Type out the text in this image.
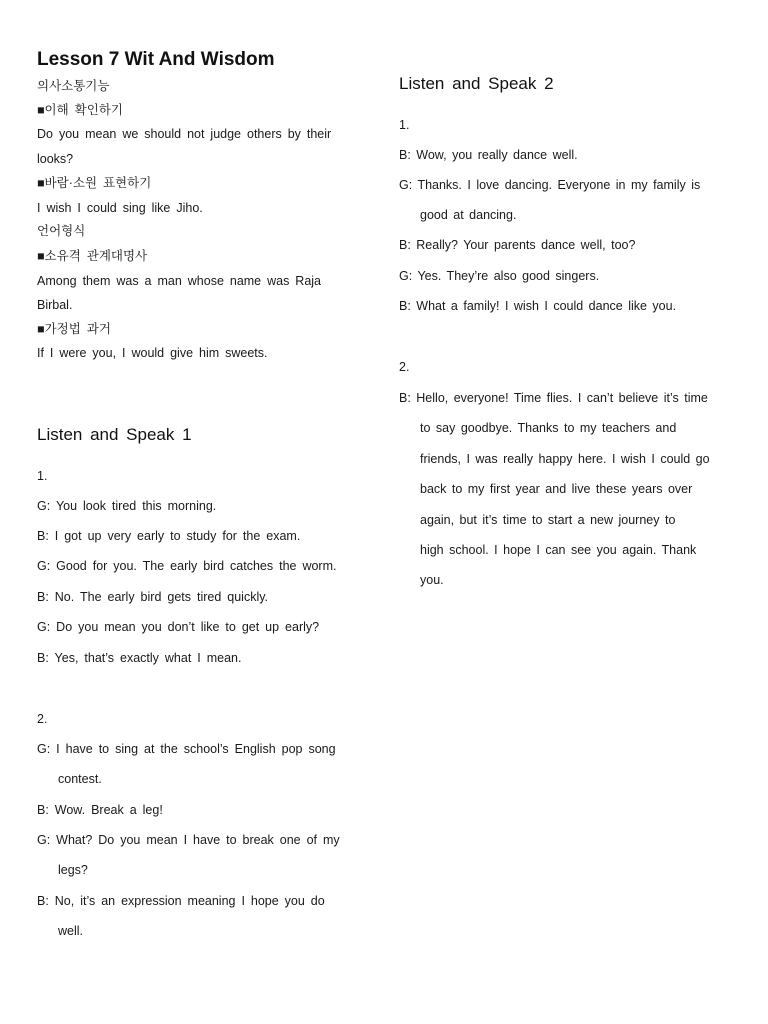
Lesson 7 Wit And Wisdom
의사소통기능
■이해 확인하기
Do you mean we should not judge others by their
looks?
■바람·소원 표현하기
I wish I could sing like Jiho.
언어형식
■소유격 관계대명사
Among them was a man whose name was Raja
Birbal.
■가정법 과거
If I were you, I would give him sweets.
Listen and Speak 1
1.
G: You look tired this morning.
B: I got up very early to study for the exam.
G: Good for you. The early bird catches the worm.
B: No. The early bird gets tired quickly.
G: Do you mean you don’t like to get up early?
B: Yes, that’s exactly what I mean.
2.
G: I have to sing at the school’s English pop song
contest.
B: Wow. Break a leg!
G: What? Do you mean I have to break one of my
legs?
B: No, it’s an expression meaning I hope you do
well.
Listen and Speak 2
1.
B: Wow, you really dance well.
G: Thanks. I love dancing. Everyone in my family is
good at dancing.
B: Really? Your parents dance well, too?
G: Yes. They’re also good singers.
B: What a family! I wish I could dance like you.
2.
B: Hello, everyone! Time flies. I can’t believe it’s time
to say goodbye. Thanks to my teachers and
friends, I was really happy here. I wish I could go
back to my first year and live these years over
again, but it’s time to start a new journey to
high school. I hope I can see you again. Thank
you.
